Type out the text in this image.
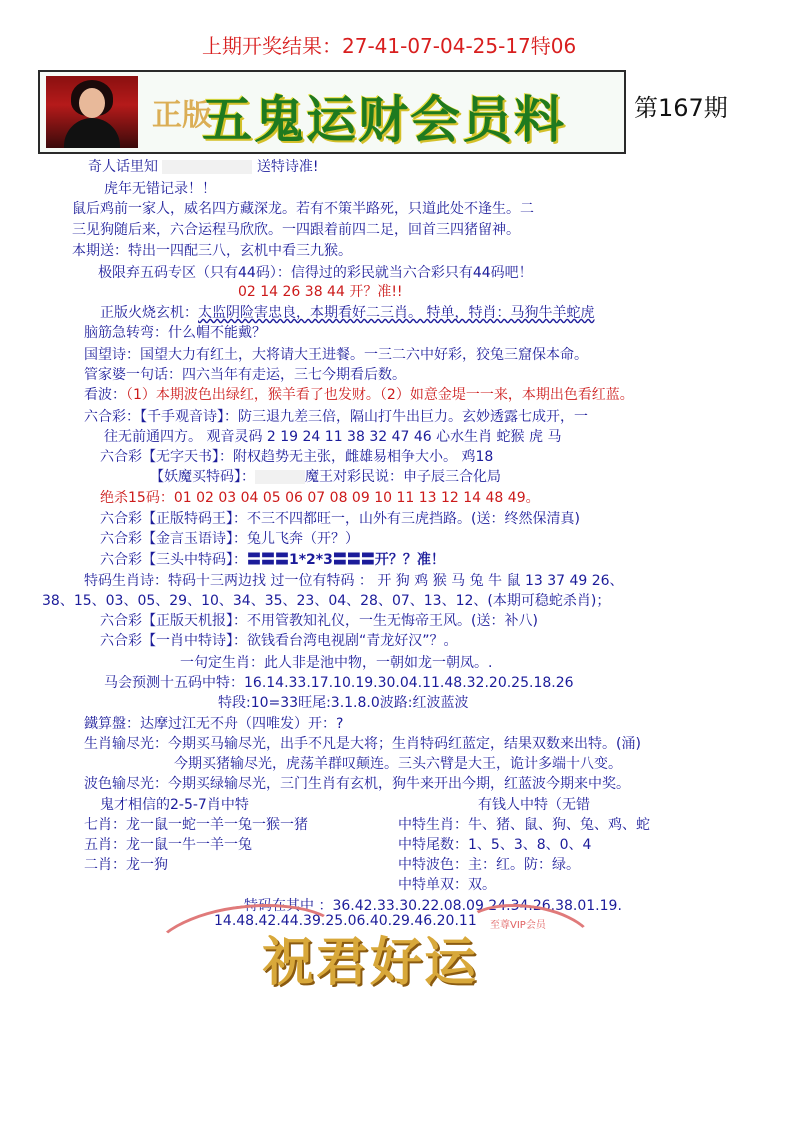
上期开奖结果：27-41-07-04-25-17特06
正版
五鬼运财会员料	第167期
奇人话里知	送特诗准!
虎年无错记录！！
鼠后鸡前一家人，威名四方藏深龙。若有不策半路死，只道此处不逢生。二
三见狗随后来，六合运程马欣欣。一四跟着前四二足，回首三四猪留神。
本期送：特出一四配三八，玄机中看三九猴。
极限弃五码专区（只有44码）：信得过的彩民就当六合彩只有44码吧！
02 14 26 38 44 开？准!!
正版火烧玄机：太监阴险害忠良，本期看好二三肖。 特单，特肖：马狗牛羊蛇虎
脑筋急转弯：什么帽不能戴？
国望诗：国望大力有红土，大将请大王进餐。一三二六中好彩，狡兔三窟保本命。
管家婆一句话：四六当年有走运，三七今期看后数。
看波：（1）本期波色出绿红，猴羊看了也发财。（2）如意金堤一一来，本期出色看红蓝。
六合彩：【千手观音诗】：防三退九差三倍，隔山打牛出巨力。玄妙透露七成开，一
往无前通四方。 观音灵码 2 19 24 11 38 32 47 46 心水生肖 蛇猴 虎 马
六合彩【无字天书】：附权趋势无主张，雌雄易相争大小。 鸡18
【妖魔买特码】：	魔王对彩民说：申子辰三合化局
绝杀15码：01 02 03 04 05 06 07 08 09 10 11 13 12 14 48 49。
六合彩【正版特码王】：不三不四都旺一，山外有三虎挡路。(送：终然保清真)
六合彩【金言玉语诗】：兔儿飞奔（开？）
六合彩【三头中特码】：〓〓〓1*2*3〓〓〓开？？准！
特码生肖诗：特码十三两边找 过一位有特码 ： 开 狗 鸡 猴 马 兔 牛 鼠 13 37 49 26、
38、15、03、05、29、10、34、35、23、04、28、07、13、12、(本期可稳蛇杀肖)；
六合彩【正版天机报】：不用管教知礼仪，一生无悔帝王风。(送：补八)
六合彩【一肖中特诗】：欲钱看台湾电视剧“青龙好汉”？。
一句定生肖：此人非是池中物，一朝如龙一朝凤。.
马会预测十五码中特：16.14.33.17.10.19.30.04.11.48.32.20.25.18.26
特段:10=33旺尾:3.1.8.0波路:红波蓝波
鐵算盤：达摩过江无不舟（四唯发）开：?
生肖输尽光：今期买马输尽光，出手不凡是大将；生肖特码红蓝定，结果双数来出特。(涌)
今期买猪输尽光，虎荡羊群叹颠连。三头六臂是大王，诡计多端十八变。
波色输尽光：今期买绿输尽光，三门生肖有玄机，狗牛来开出今期，红蓝波今期来中奖。
鬼才相信的2-5-7肖中特	有钱人中特（无错
七肖：龙一鼠一蛇一羊一兔一猴一猪	中特生肖：牛、猪、鼠、狗、兔、鸡、蛇
五肖：龙一鼠一牛一羊一兔	中特尾数：1、5、3、8、0、4
二肖：龙一狗	中特波色：主：红。防：绿。
中特单双：双。
特码在其中 ：36.42.33.30.22.08.09.24.34.26.38.01.19.
14.48.42.44.39.25.06.40.29.46.20.11 至尊VIP会员
祝君好运
